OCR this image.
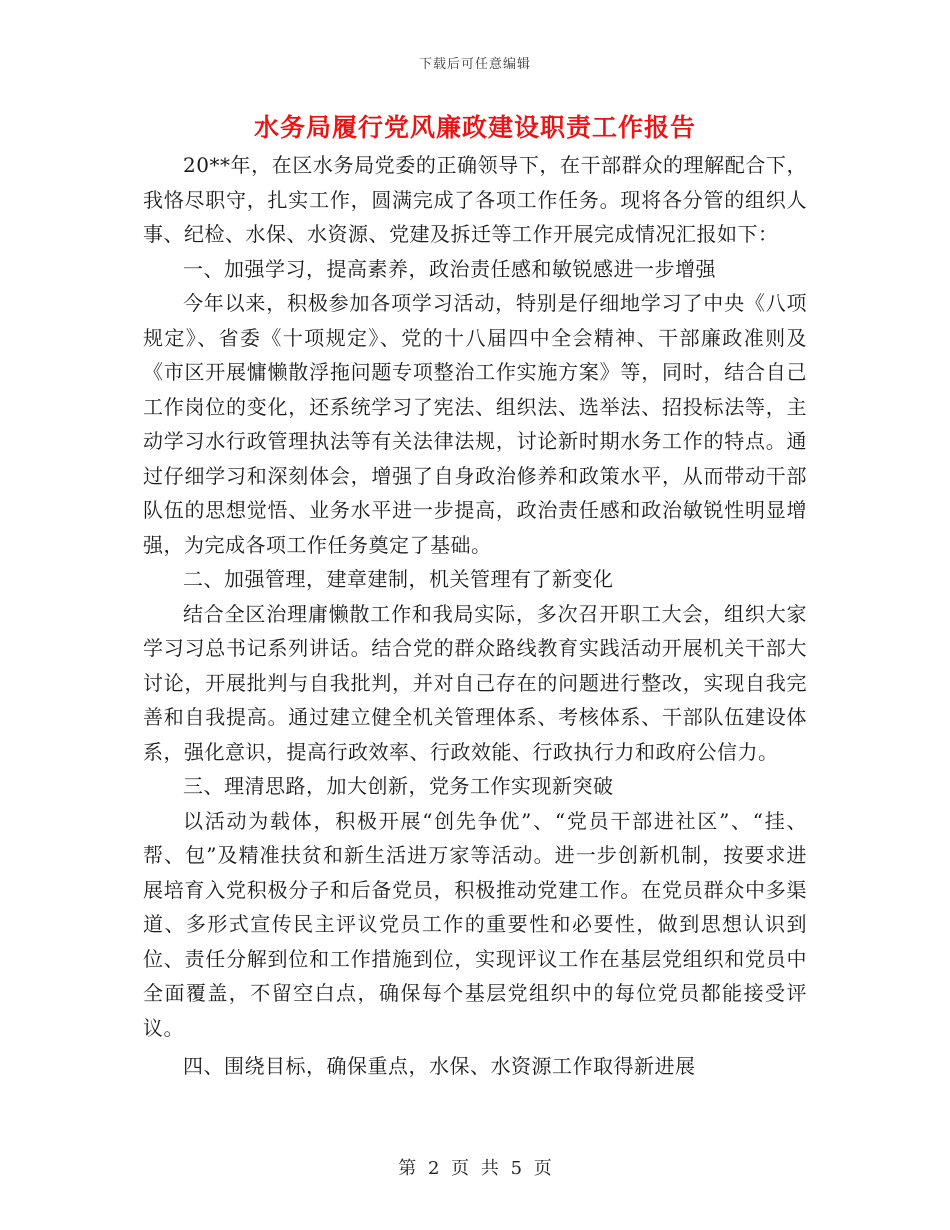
下载后可任意编辑
水务局履行党风廉政建设职责工作报告

20**年，在区水务局党委的正确领导下，在干部群众的理解配合下，我恪尽职守，扎实工作，圆满完成了各项工作任务。现将各分管的组织人事、纪检、水保、水资源、党建及拆迁等工作开展完成情况汇报如下：

一、加强学习，提高素养，政治责任感和敏锐感进一步增强

今年以来，积极参加各项学习活动，特别是仔细地学习了中央《八项规定》、省委《十项规定》、党的十八届四中全会精神、干部廉政准则及《市区开展慵懒散浮拖问题专项整治工作实施方案》等，同时，结合自己工作岗位的变化，还系统学习了宪法、组织法、选举法、招投标法等，主动学习水行政管理执法等有关法律法规，讨论新时期水务工作的特点。通过仔细学习和深刻体会，增强了自身政治修养和政策水平，从而带动干部队伍的思想觉悟、业务水平进一步提高，政治责任感和政治敏锐性明显增强，为完成各项工作任务奠定了基础。

二、加强管理，建章建制，机关管理有了新变化

结合全区治理庸懒散工作和我局实际，多次召开职工大会，组织大家学习习总书记系列讲话。结合党的群众路线教育实践活动开展机关干部大讨论，开展批判与自我批判，并对自己存在的问题进行整改，实现自我完善和自我提高。通过建立健全机关管理体系、考核体系、干部队伍建设体系，强化意识，提高行政效率、行政效能、行政执行力和政府公信力。

三、理清思路，加大创新，党务工作实现新突破

以活动为载体，积极开展“创先争优”、“党员干部进社区”、“挂、帮、包”及精准扶贫和新生活进万家等活动。进一步创新机制，按要求进展培育入党积极分子和后备党员，积极推动党建工作。在党员群众中多渠道、多形式宣传民主评议党员工作的重要性和必要性，做到思想认识到位、责任分解到位和工作措施到位，实现评议工作在基层党组织和党员中全面覆盖，不留空白点，确保每个基层党组织中的每位党员都能接受评议。

四、围绕目标，确保重点，水保、水资源工作取得新进展

第 2 页 共 5 页
